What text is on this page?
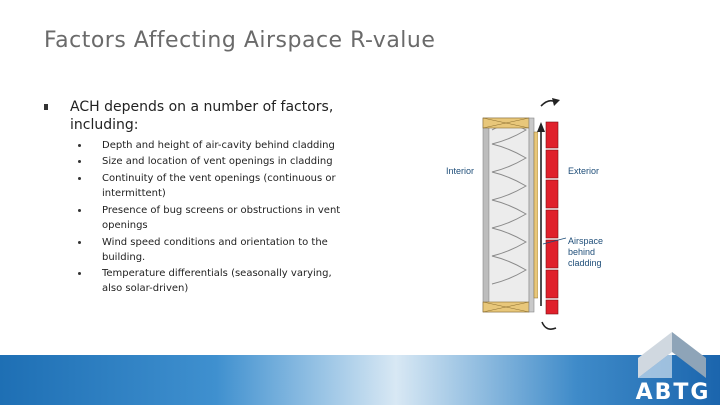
Factors Affecting Airspace R-value
ACH depends on a number of factors, including:
Depth and height of air-cavity behind cladding
Size and location of vent openings in cladding
Continuity of the vent openings (continuous or intermittent)
Presence of bug screens or obstructions in vent openings
Wind speed conditions and orientation to the building.
Temperature differentials (seasonally varying, also solar-driven)
Interior	Exterior
Airspace behind cladding
ABTG
